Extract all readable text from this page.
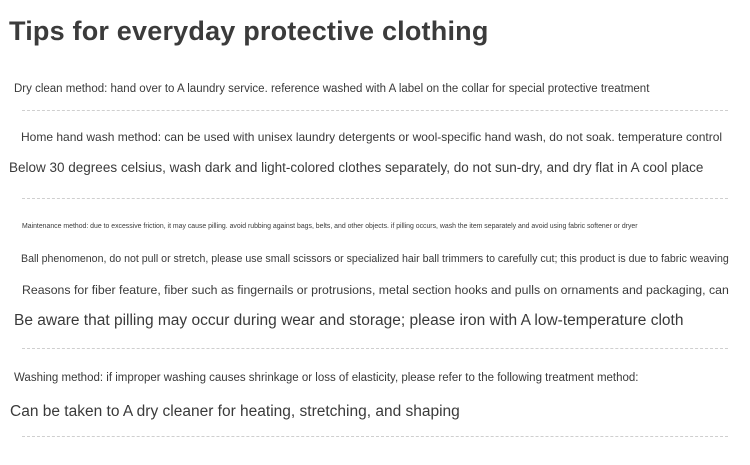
Tips for everyday protective clothing
Dry clean method: hand over to A laundry service. reference washed with A label on the collar for special protective treatment
Home hand wash method: can be used with unisex laundry detergents or wool-specific hand wash, do not soak. temperature control
Below 30 degrees celsius, wash dark and light-colored clothes separately, do not sun-dry, and dry flat in A cool place
Maintenance method: due to excessive friction, it may cause pilling. avoid rubbing against bags, belts, and other objects. if pilling occurs, wash the item separately and avoid using fabric softener or dryer
Ball phenomenon, do not pull or stretch, please use small scissors or specialized hair ball trimmers to carefully cut; this product is due to fabric weaving
Reasons for fiber feature, fiber such as fingernails or protrusions, metal section hooks and pulls on ornaments and packaging, can
Be aware that pilling may occur during wear and storage; please iron with A low-temperature cloth
Washing method: if improper washing causes shrinkage or loss of elasticity, please refer to the following treatment method:
Can be taken to A dry cleaner for heating, stretching, and shaping
